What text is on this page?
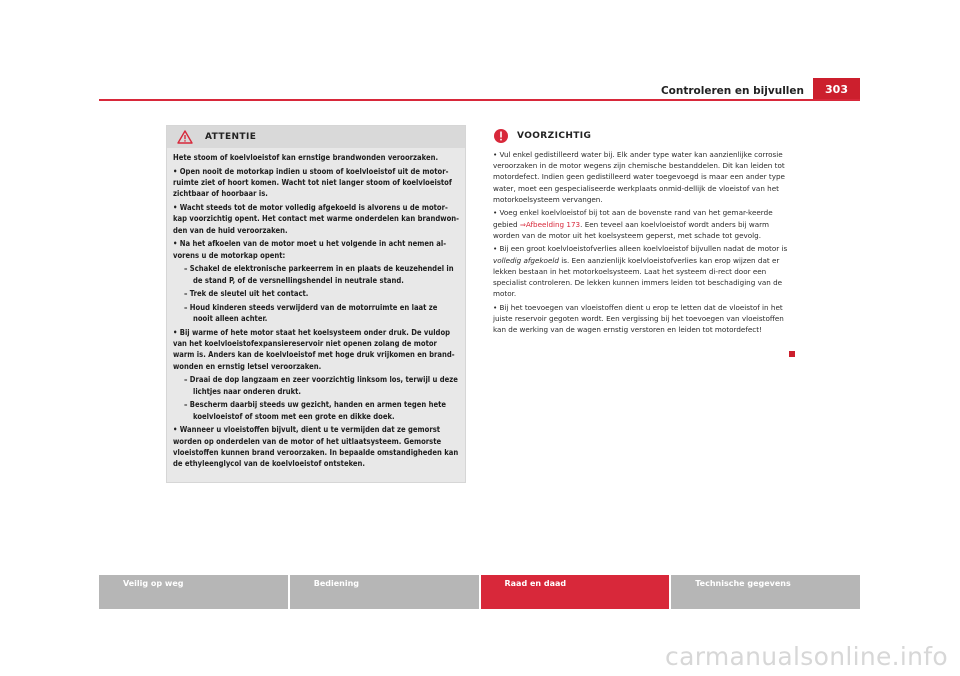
Controleren en bijvullen	303
ATTENTIE

Hete stoom of koelvloeistof kan ernstige brandwonden veroorzaken.

• Open nooit de motorkap indien u stoom of koelvloeistof uit de motor-ruimte ziet of hoort komen. Wacht tot niet langer stoom of koelvloeistof zichtbaar of hoorbaar is.

• Wacht steeds tot de motor volledig afgekoeld is alvorens u de motor-kap voorzichtig opent. Het contact met warme onderdelen kan brandwon-den van de huid veroorzaken.

• Na het afkoelen van de motor moet u het volgende in acht nemen al-vorens u de motorkap opent:

– Schakel de elektronische parkeerrem in en plaats de keuzehendel in de stand P, of de versnellingshendel in neutrale stand.

– Trek de sleutel uit het contact.

– Houd kinderen steeds verwijderd van de motorruimte en laat ze nooit alleen achter.

• Bij warme of hete motor staat het koelsysteem onder druk. De vuldop van het koelvloeistofexpansiereservoir niet openen zolang de motor warm is. Anders kan de koelvloeistof met hoge druk vrijkomen en brand-wonden en ernstig letsel veroorzaken.

– Draai de dop langzaam en zeer voorzichtig linksom los, terwijl u deze lichtjes naar onderen drukt.

– Bescherm daarbij steeds uw gezicht, handen en armen tegen hete koelvloeistof of stoom met een grote en dikke doek.

• Wanneer u vloeistoffen bijvult, dient u te vermijden dat ze gemorst worden op onderdelen van de motor of het uitlaatsysteem. Gemorste vloeistoffen kunnen brand veroorzaken. In bepaalde omstandigheden kan de ethyleenglycol van de koelvloeistof ontsteken.

VOORZICHTIG

• Vul enkel gedistilleerd water bij. Elk ander type water kan aanzienlijke corrosie veroorzaken in de motor wegens zijn chemische bestanddelen. Dit kan leiden tot motordefect. Indien geen gedistilleerd water toegevoegd is maar een ander type water, moet een gespecialiseerde werkplaats onmid-dellijk de vloeistof van het motorkoelsysteem vervangen.

• Voeg enkel koelvloeistof bij tot aan de bovenste rand van het gemar-keerde gebied ⇒Afbeelding 173. Een teveel aan koelvloeistof wordt anders bij warm worden van de motor uit het koelsysteem geperst, met schade tot gevolg.

• Bij een groot koelvloeistofverlies alleen koelvloeistof bijvullen nadat de motor is volledig afgekoeld is. Een aanzienlijk koelvloeistofverlies kan erop wijzen dat er lekken bestaan in het motorkoelsysteem. Laat het systeem di-rect door een specialist controleren. De lekken kunnen immers leiden tot beschadiging van de motor.

• Bij het toevoegen van vloeistoffen dient u erop te letten dat de vloeistof in het juiste reservoir gegoten wordt. Een vergissing bij het toevoegen van vloeistoffen kan de werking van de wagen ernstig verstoren en leiden tot motordefect!

Veilig op weg	Bediening	Raad en daad	Technische gegevens
carmanualsonline.info
